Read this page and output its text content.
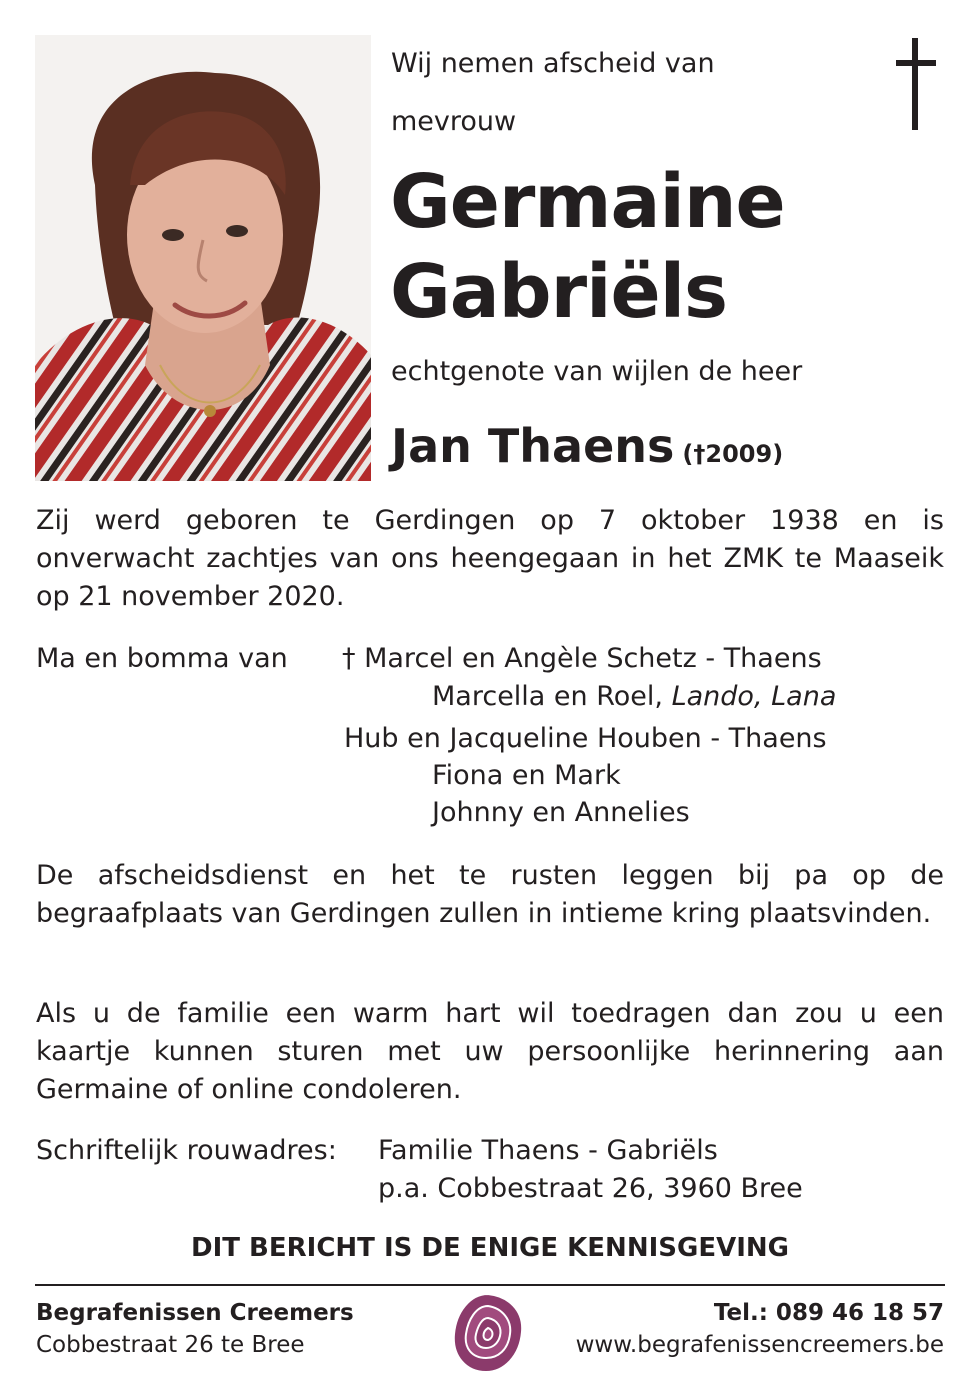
Wij nemen afscheid van
mevrouw
Germaine
Gabriëls
echtgenote van wijlen de heer
Jan Thaens (†2009)
Zij werd geboren te Gerdingen op 7 oktober 1938 en is onverwacht zachtjes van ons heengegaan in het ZMK te Maaseik op 21 november 2020.
Ma en bomma van † Marcel en Angèle Schetz - Thaens
Marcella en Roel, Lando, Lana
Hub en Jacqueline Houben - Thaens
Fiona en Mark
Johnny en Annelies
De afscheidsdienst en het te rusten leggen bij pa op de begraafplaats van Gerdingen zullen in intieme kring plaatsvinden.
Als u de familie een warm hart wil toedragen dan zou u een kaartje kunnen sturen met uw persoonlijke herinnering aan Germaine of online condoleren.
Schriftelijk rouwadres: Familie Thaens - Gabriëls
p.a. Cobbestraat 26, 3960 Bree
DIT BERICHT IS DE ENIGE KENNISGEVING
Begrafenissen Creemers
Cobbestraat 26 te Bree
Tel.: 089 46 18 57
www.begrafenissencreemers.be
